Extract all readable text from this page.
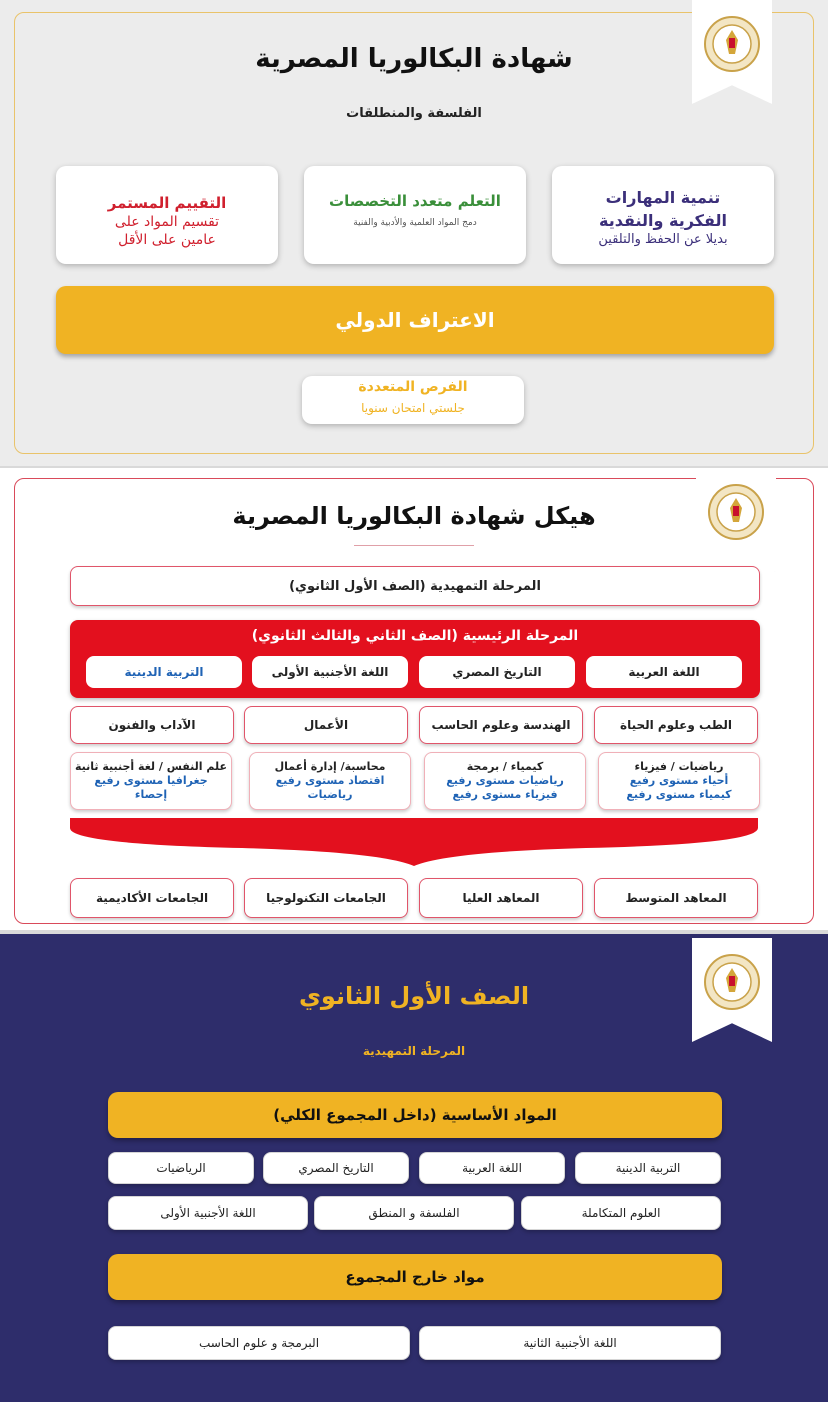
شهادة البكالوريا المصرية
الفلسفة والمنطلقات
تنمية المهارات
الفكرية والنقدية
بديلا عن الحفظ والتلقين
التعلم متعدد التخصصات
دمج المواد العلمية والأدبية والفنية
التقييم المستمر
تقسيم المواد على
عامين على الأقل
الاعتراف الدولي
الفرص المتعددة
جلستي امتحان سنويا
هيكل شهادة البكالوريا المصرية
المرحلة التمهيدية (الصف الأول الثانوي)
المرحلة الرئيسية (الصف الثاني والثالث الثانوي)
اللغة العربية
التاريخ المصري
اللغة الأجنبية الأولى
التربية الدينية
الطب وعلوم الحياة
الهندسة وعلوم الحاسب
الأعمال
الآداب والفنون
رياضيات / فيزياء
أحياء مستوى رفيع
كيمياء مستوى رفيع
كيمياء / برمجة
رياضيات مستوى رفيع
فيزياء مستوى رفيع
محاسبة/ إدارة أعمال
اقتصاد مستوى رفيع
رياضيات
علم النفس / لغة أجنبية ثانية
جغرافيا مستوى رفيع
إحصاء
المعاهد المتوسط
المعاهد العليا
الجامعات التكنولوجيا
الجامعات الأكاديمية
الصف الأول الثانوي
المرحلة التمهيدية
المواد الأساسية (داخل المجموع الكلي)
التربية الدينية
اللغة العربية
التاريخ المصري
الرياضيات
العلوم المتكاملة
الفلسفة و المنطق
اللغة الأجنبية الأولى
مواد خارج المجموع
اللغة الأجنبية الثانية
البرمجة و علوم الحاسب
